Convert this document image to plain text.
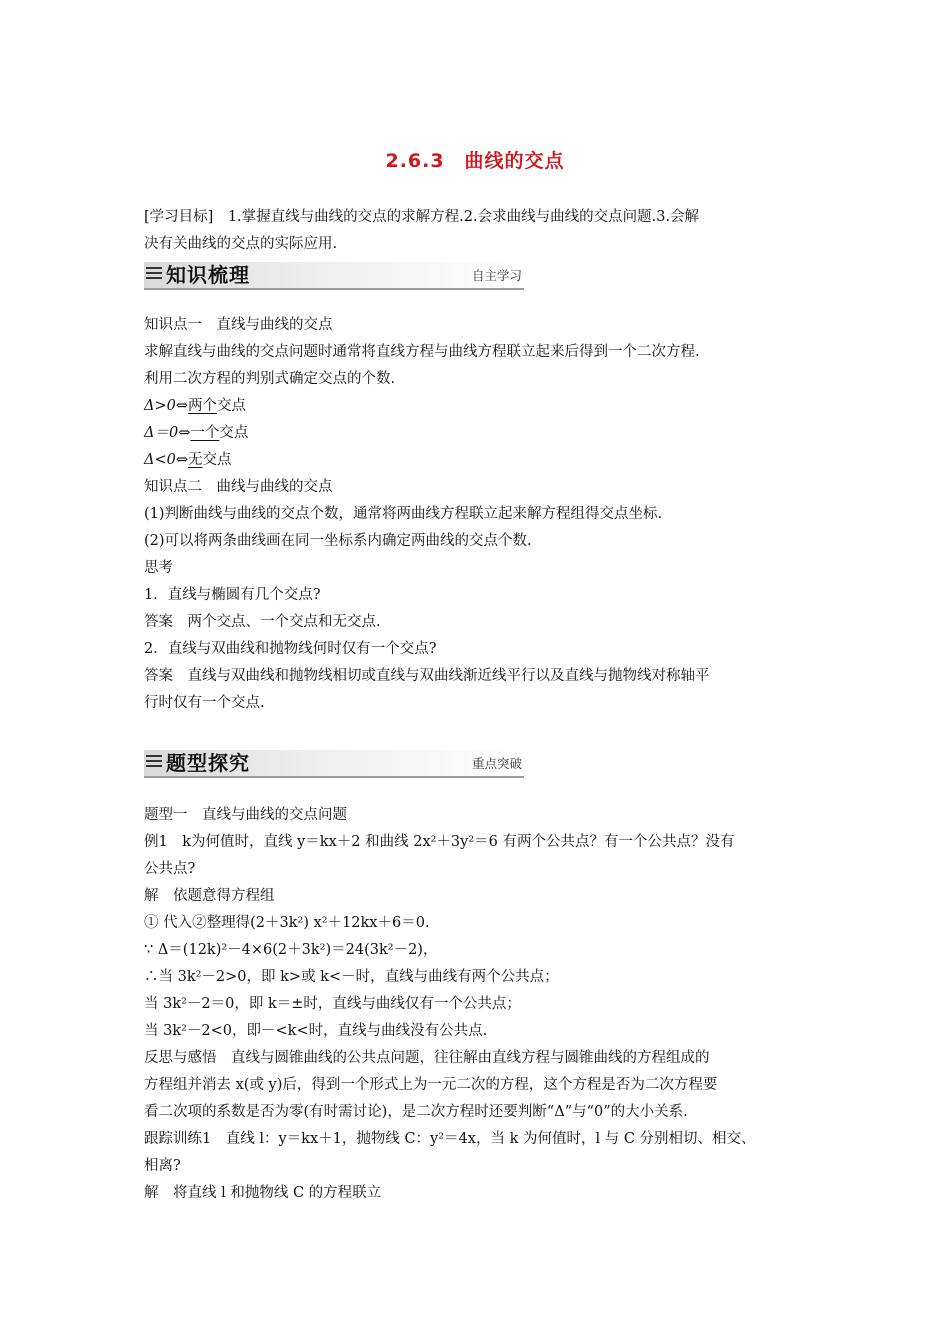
2.6.3　曲线的交点
[学习目标]　1.掌握直线与曲线的交点的求解方程.2.会求曲线与曲线的交点问题.3.会解
决有关曲线的交点的实际应用.
知识梳理	自主学习
知识点一　直线与曲线的交点
求解直线与曲线的交点问题时通常将直线方程与曲线方程联立起来后得到一个二次方程.
利用二次方程的判别式确定交点的个数.
Δ>0⇔两个交点
Δ＝0⇔一个交点
Δ<0⇔无交点
知识点二　曲线与曲线的交点
(1)判断曲线与曲线的交点个数，通常将两曲线方程联立起来解方程组得交点坐标.
(2)可以将两条曲线画在同一坐标系内确定两曲线的交点个数.
思考
1．直线与椭圆有几个交点?
答案　两个交点、一个交点和无交点.
2．直线与双曲线和抛物线何时仅有一个交点?
答案　直线与双曲线和抛物线相切或直线与双曲线渐近线平行以及直线与抛物线对称轴平
行时仅有一个交点.
题型探究	重点突破
题型一　直线与曲线的交点问题
例1　k为何值时，直线 y＝kx＋2 和曲线 2x²＋3y²＝6 有两个公共点？有一个公共点？没有
公共点?
解　依题意得方程组
① 代入②整理得(2＋3k²) x²＋12kx＋6＝0.
∵ Δ＝(12k)²－4×6(2＋3k²)＝24(3k²－2)，
∴当 3k²－2>0，即 k>或 k<－时，直线与曲线有两个公共点；
当 3k²－2＝0，即 k＝±时，直线与曲线仅有一个公共点；
当 3k²－2<0，即－<k<时，直线与曲线没有公共点.
反思与感悟　直线与圆锥曲线的公共点问题，往往解由直线方程与圆锥曲线的方程组成的
方程组并消去 x(或 y)后，得到一个形式上为一元二次的方程，这个方程是否为二次方程要
看二次项的系数是否为零(有时需讨论)，是二次方程时还要判断“Δ”与“0”的大小关系.
跟踪训练1　直线 l：y＝kx＋1，抛物线 C：y²＝4x，当 k 为何值时，l 与 C 分别相切、相交、
相离?
解　将直线 l 和抛物线 C 的方程联立
